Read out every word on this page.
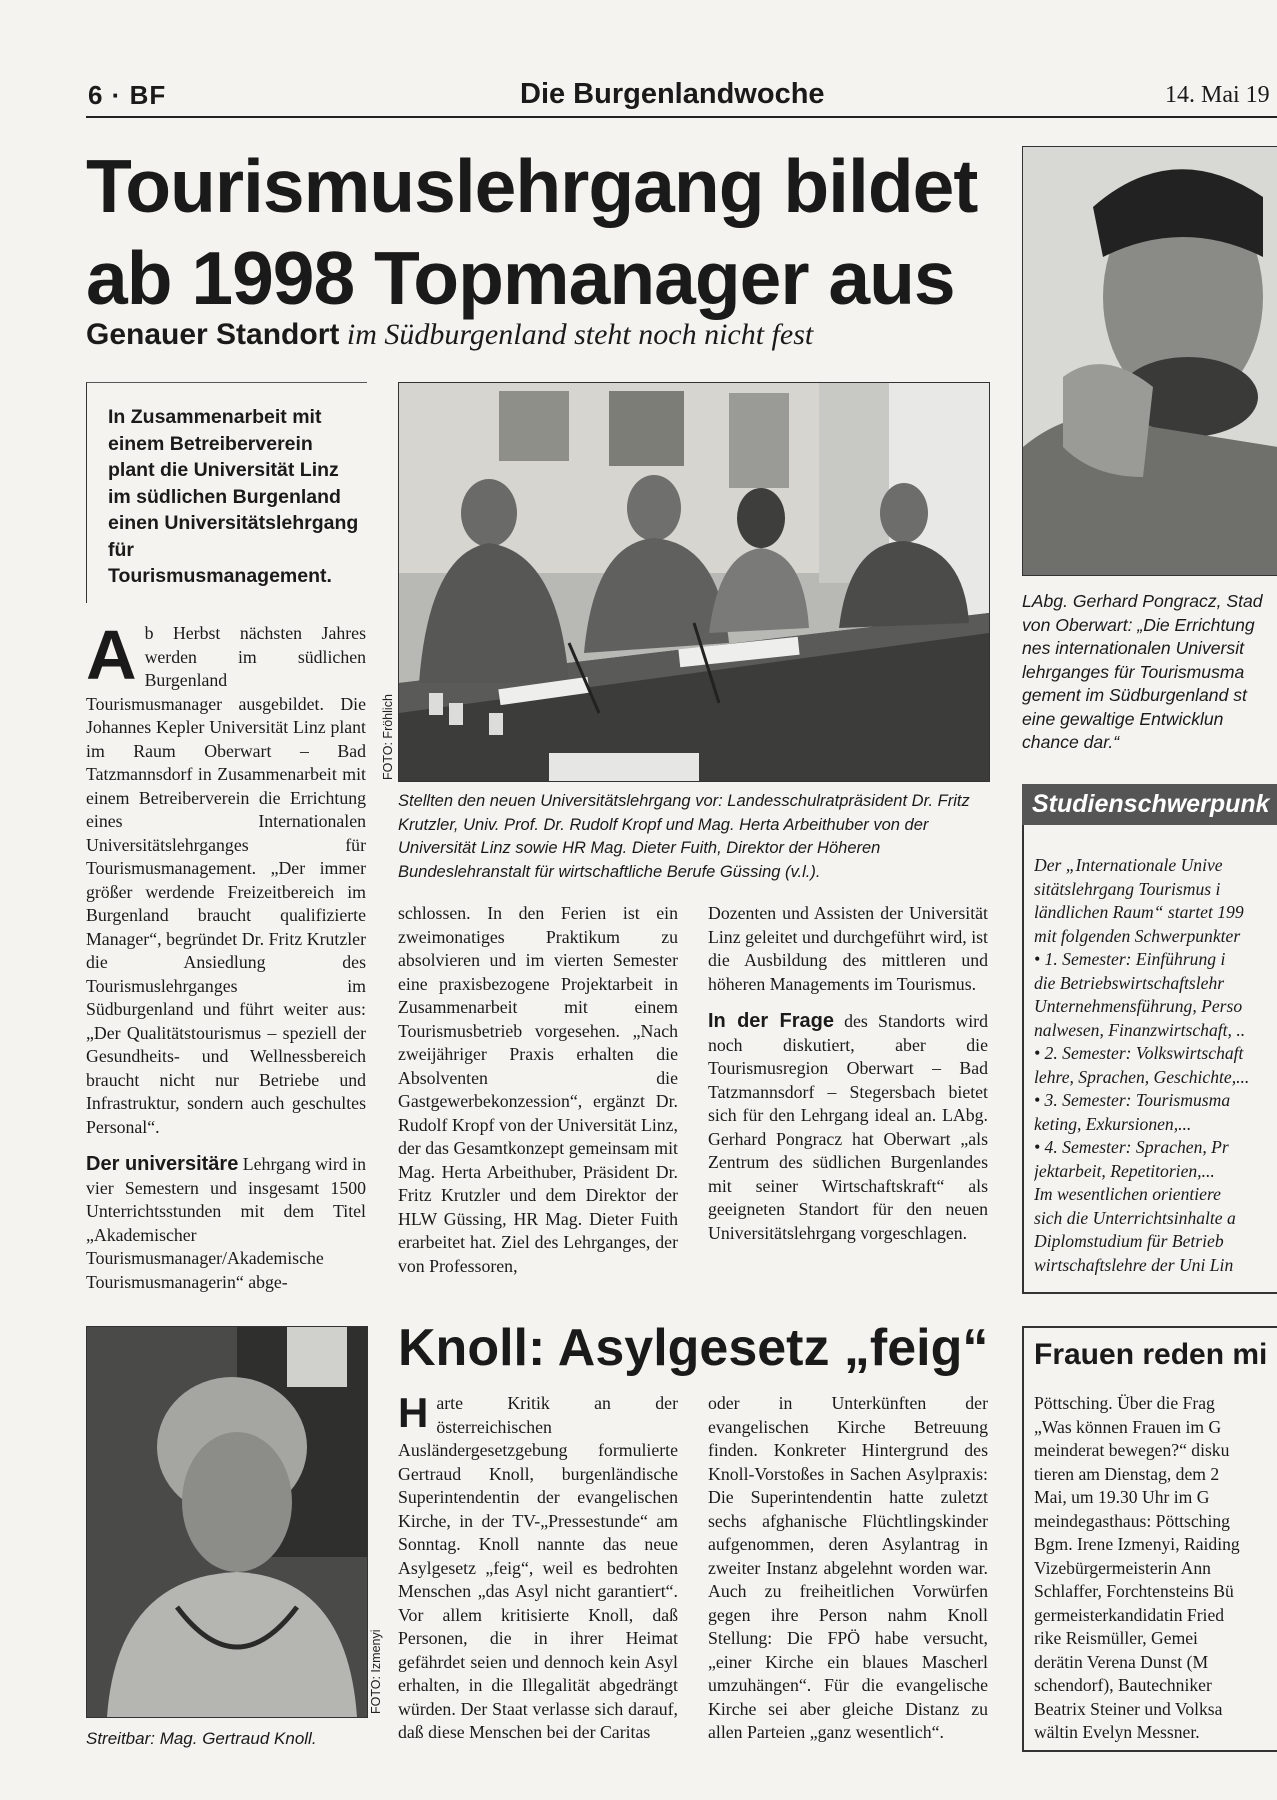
6 · BF	Die Burgenlandwoche	14. Mai 19
Tourismuslehrgang bildet
ab 1998 Topmanager aus
Genauer Standort im Südburgenland steht noch nicht fest
In Zusammenarbeit mit einem Betreiberverein plant die Universität Linz im südlichen Burgenland einen Universitätslehrgang für Tourismusmanagement.
FOTO: Fröhlich
Stellten den neuen Universitätslehrgang vor: Landesschulratpräsident Dr. Fritz Krutzler, Univ. Prof. Dr. Rudolf Kropf und Mag. Herta Arbeithuber von der Universität Linz sowie HR Mag. Dieter Fuith, Direktor der Höheren Bundeslehranstalt für wirtschaftliche Berufe Güssing (v.l.).
Ab Herbst nächsten Jahres werden im südlichen Burgenland Tourismusmanager ausgebildet. Die Johannes Kepler Universität Linz plant im Raum Oberwart – Bad Tatzmannsdorf in Zusammenarbeit mit einem Betreiberverein die Errichtung eines Internationalen Universitätslehrganges für Tourismusmanagement. „Der immer größer werdende Freizeitbereich im Burgenland braucht qualifizierte Manager“, begründet Dr. Fritz Krutzler die Ansiedlung des Tourismuslehrganges im Südburgenland und führt weiter aus: „Der Qualitätstourismus – speziell der Gesundheits- und Wellnessbereich braucht nicht nur Betriebe und Infrastruktur, sondern auch geschultes Personal“.
Der universitäre Lehrgang wird in vier Semestern und insgesamt 1500 Unterrichtsstunden mit dem Titel „Akademischer Tourismusmanager/Akademische Tourismusmanagerin“ abge-
schlossen. In den Ferien ist ein zweimonatiges Praktikum zu absolvieren und im vierten Semester eine praxisbezogene Projektarbeit in Zusammenarbeit mit einem Tourismusbetrieb vorgesehen. „Nach zweijähriger Praxis erhalten die Absolventen die Gastgewerbekonzession“, ergänzt Dr. Rudolf Kropf von der Universität Linz, der das Gesamtkonzept gemeinsam mit Mag. Herta Arbeithuber, Präsident Dr. Fritz Krutzler und dem Direktor der HLW Güssing, HR Mag. Dieter Fuith erarbeitet hat. Ziel des Lehrganges, der von Professoren,
Dozenten und Assisten der Universität Linz geleitet und durchgeführt wird, ist die Ausbildung des mittleren und höheren Managements im Tourismus.
In der Frage des Standorts wird noch diskutiert, aber die Tourismusregion Oberwart – Bad Tatzmannsdorf – Stegersbach bietet sich für den Lehrgang ideal an. LAbg. Gerhard Pongracz hat Oberwart „als Zentrum des südlichen Burgenlandes mit seiner Wirtschaftskraft“ als geeigneten Standort für den neuen Universitätslehrgang vorgeschlagen.
LAbg. Gerhard Pongracz, Stad
von Oberwart: „Die Errichtung
nes internationalen Universit
lehrganges für Tourismusma
gement im Südburgenland st
eine gewaltige Entwicklun
chance dar.“
Studienschwerpunk
Der „Internationale Unive
sitätslehrgang Tourismus i
ländlichen Raum“ startet 199
mit folgenden Schwerpunkter
• 1. Semester: Einführung i
die Betriebswirtschaftslehr
Unternehmensführung, Perso
nalwesen, Finanzwirtschaft, ..
• 2. Semester: Volkswirtschaft
lehre, Sprachen, Geschichte,...
• 3. Semester: Tourismusma
keting, Exkursionen,...
• 4. Semester: Sprachen, Pr
jektarbeit, Repetitorien,...
Im wesentlichen orientiere
sich die Unterrichtsinhalte a
Diplomstudium für Betrieb
wirtschaftslehre der Uni Lin
FOTO: Izmenyi
Streitbar: Mag. Gertraud Knoll.
Knoll: Asylgesetz „feig“
Harte Kritik an der österreichischen Ausländergesetzgebung formulierte Gertraud Knoll, burgenländische Superintendentin der evangelischen Kirche, in der TV-„Pressestunde“ am Sonntag. Knoll nannte das neue Asylgesetz „feig“, weil es bedrohten Menschen „das Asyl nicht garantiert“. Vor allem kritisierte Knoll, daß Personen, die in ihrer Heimat gefährdet seien und dennoch kein Asyl erhalten, in die Illegalität abgedrängt würden. Der Staat verlasse sich darauf, daß diese Menschen bei der Caritas
oder in Unterkünften der evangelischen Kirche Betreuung finden. Konkreter Hintergrund des Knoll-Vorstoßes in Sachen Asylpraxis: Die Superintendentin hatte zuletzt sechs afghanische Flüchtlingskinder aufgenommen, deren Asylantrag in zweiter Instanz abgelehnt worden war. Auch zu freiheitlichen Vorwürfen gegen ihre Person nahm Knoll Stellung: Die FPÖ habe versucht, „einer Kirche ein blaues Mascherl umzuhängen“. Für die evangelische Kirche sei aber gleiche Distanz zu allen Parteien „ganz wesentlich“.
Frauen reden mi
Pöttsching. Über die Frag
„Was können Frauen im G
meinderat bewegen?“ disku
tieren am Dienstag, dem 2
Mai, um 19.30 Uhr im G
meindegasthaus: Pöttsching
Bgm. Irene Izmenyi, Raiding
Vizebürgermeisterin Ann
Schlaffer, Forchtensteins Bü
germeisterkandidatin Fried
rike Reismüller, Gemei
derätin Verena Dunst (M
schendorf), Bautechniker
Beatrix Steiner und Volksa
wältin Evelyn Messner.
